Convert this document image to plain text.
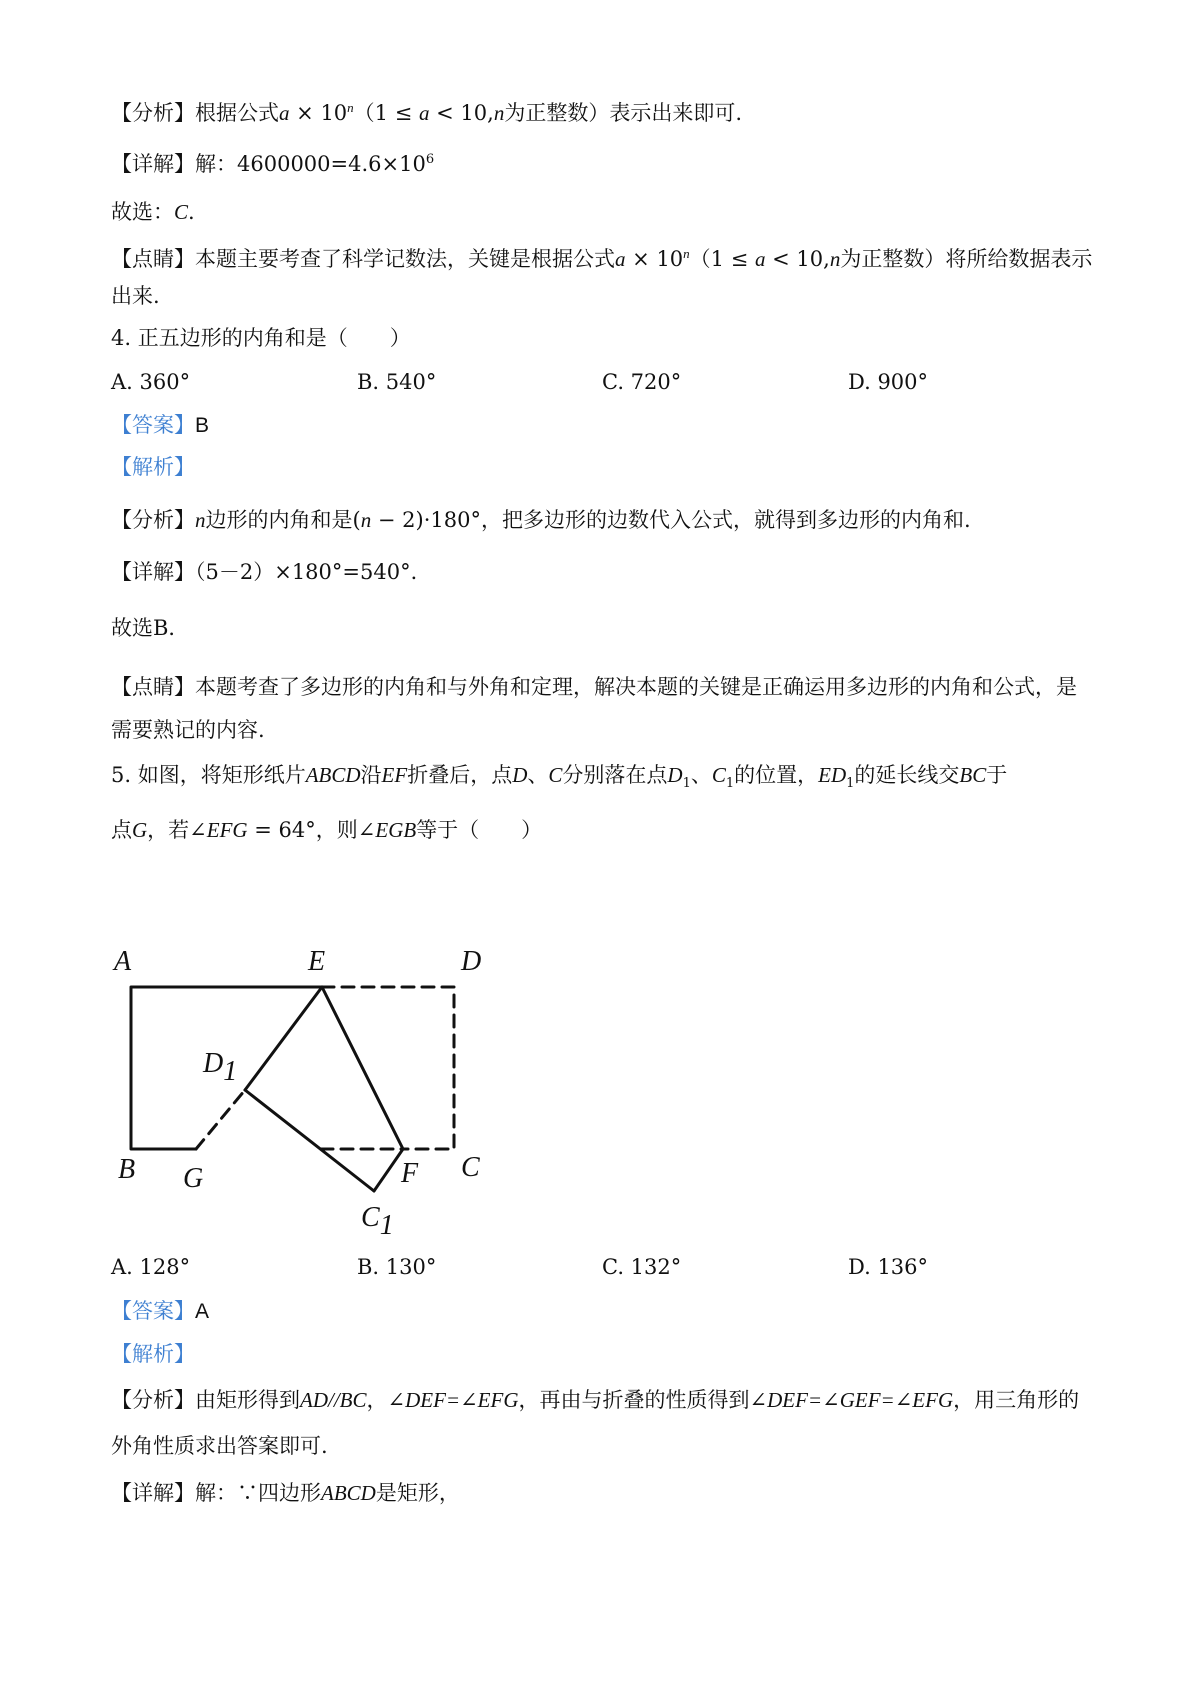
【分析】根据公式$a \times 10^n(1 \le a < 10,n$为正整数）表示出来即可.
【详解】解：$4600000=4.6\times 10^6$
故选：C.
【点睛】本题主要考查了科学记数法，关键是根据公式$a \times 10^n(1 \le a < 10,n$为正整数）将所给数据表示
出来.
4. 正五边形的内角和是（　　）
A. 360°	B. 540°	C. 720°	D. 900°
【答案】B
【解析】
【分析】n边形的内角和是(n − 2)·180°，把多边形的边数代入公式，就得到多边形的内角和.
【详解】（5－2）×180°=540°．
故选B．
【点睛】本题考查了多边形的内角和与外角和定理，解决本题的关键是正确运用多边形的内角和公式，是
需要熟记的内容.
5. 如图，将矩形纸片ABCD沿EF折叠后，点D、C分别落在点$D_1$、$C_1$的位置，$ED_1$的延长线交BC于
点G，若∠EFG = 64°，则∠EGB等于（　　）
A	E	D
D1
B G	F C
C1
A. 128°	B. 130°	C. 132°	D. 136°
【答案】A
【解析】
【分析】由矩形得到AD//BC，∠DEF=∠EFG，再由与折叠的性质得到∠DEF=∠GEF=∠EFG，用三角形的
外角性质求出答案即可.
【详解】解：∵四边形ABCD是矩形，
